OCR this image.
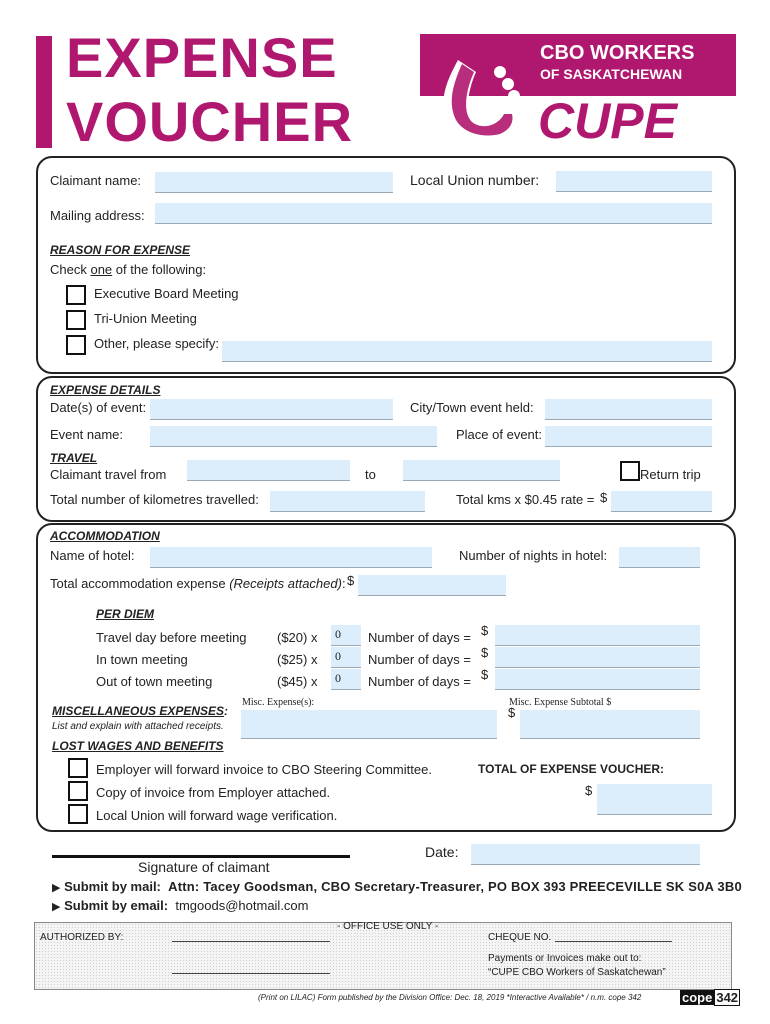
EXPENSE
VOUCHER
CBO WORKERS
OF SASKATCHEWAN
CUPE
Claimant name:	Local Union number:
Mailing address:
REASON FOR EXPENSE
Check one of the following:
Executive Board Meeting
Tri-Union Meeting
Other, please specify:
EXPENSE DETAILS
Date(s) of event:	City/Town event held:
Event name:	Place of event:
TRAVEL
Claimant travel from	to	Return trip
Total number of kilometres travelled:	Total kms x $0.45 rate = $
ACCOMMODATION
Name of hotel:	Number of nights in hotel:
Total accommodation expense (Receipts attached): $
PER DIEM
Travel day before meeting ($20) x	0	Number of days = $
In town meeting	($25) x	0	Number of days = $
Out of town meeting	($45) x	0	Number of days = $
MISCELLANEOUS EXPENSES:
List and explain with attached receipts.
Misc. Expense(s):	Misc. Expense Subtotal $
$
LOST WAGES AND BENEFITS
Employer will forward invoice to CBO Steering Committee.
Copy of invoice from Employer attached.
Local Union will forward wage verification.
TOTAL OF EXPENSE VOUCHER:
$
Signature of claimant
Date:
▶ Submit by mail: Attn: Tacey Goodsman, CBO Secretary-Treasurer, PO BOX 393 PREECEVILLE SK S0A 3B0
▶ Submit by email: tmgoods@hotmail.com
- OFFICE USE ONLY -
AUTHORIZED BY:	CHEQUE NO.
Payments or Invoices make out to:
“CUPE CBO Workers of Saskatchewan”
(Print on LILAC) Form published by the Division Office: Dec. 18, 2019 *Interactive Available* / n.m. cope 342	cope 342
